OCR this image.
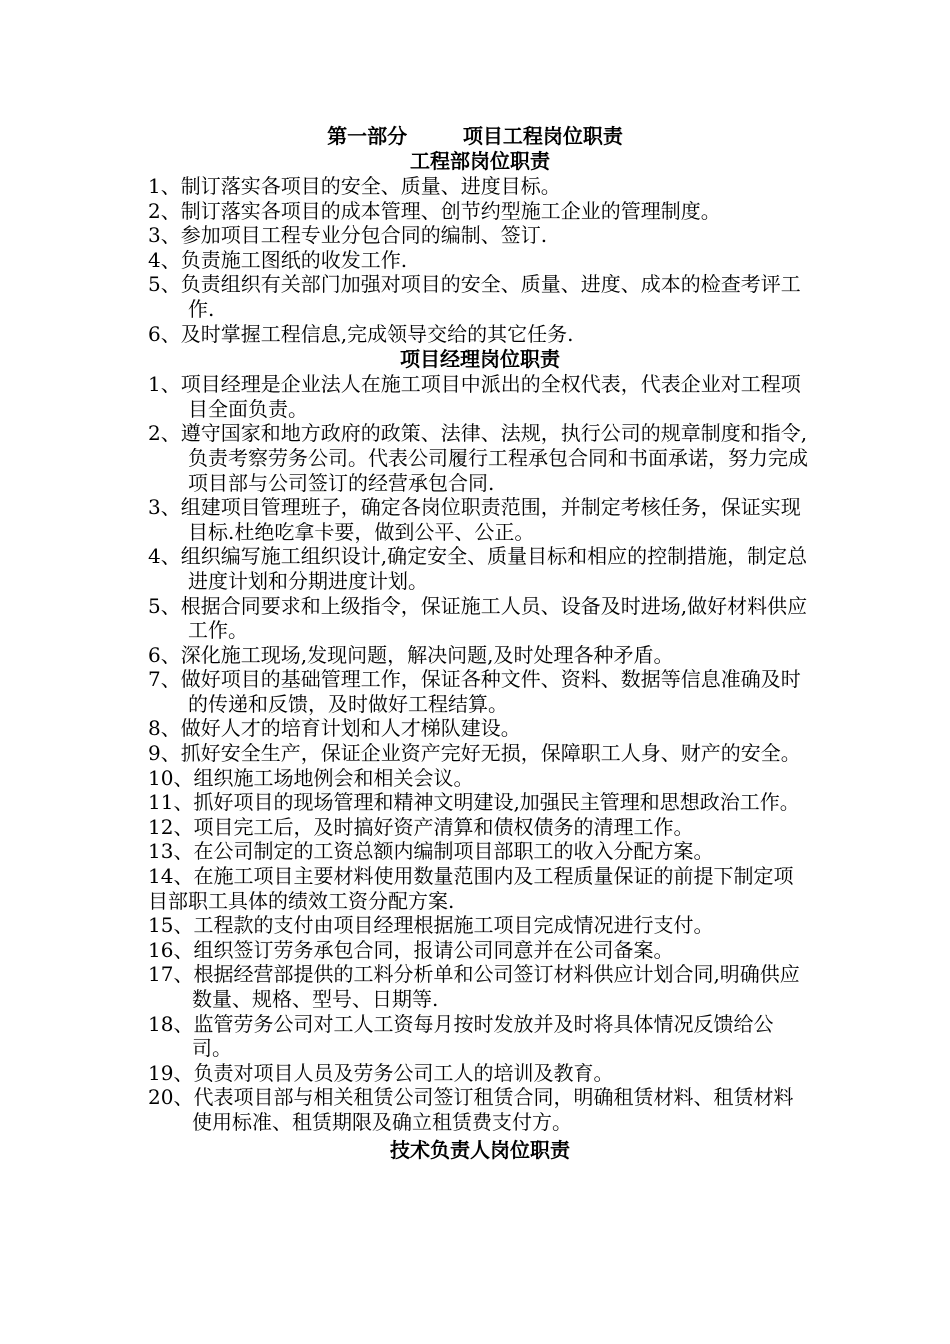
第一部分        项目工程岗位职责

工程部岗位职责

1、制订落实各项目的安全、质量、进度目标。

2、制订落实各项目的成本管理、创节约型施工企业的管理制度。

3、参加项目工程专业分包合同的编制、签订.

4、负责施工图纸的收发工作.

5、负责组织有关部门加强对项目的安全、质量、进度、成本的检查考评工作.

6、及时掌握工程信息,完成领导交给的其它任务.

项目经理岗位职责

1、项目经理是企业法人在施工项目中派出的全权代表，代表企业对工程项目全面负责。

2、遵守国家和地方政府的政策、法律、法规，执行公司的规章制度和指令,负责考察劳务公司。代表公司履行工程承包合同和书面承诺，努力完成项目部与公司签订的经营承包合同.

3、组建项目管理班子，确定各岗位职责范围，并制定考核任务，保证实现目标.杜绝吃拿卡要，做到公平、公正。

4、组织编写施工组织设计,确定安全、质量目标和相应的控制措施，制定总进度计划和分期进度计划。

5、根据合同要求和上级指令，保证施工人员、设备及时进场,做好材料供应工作。

6、深化施工现场,发现问题，解决问题,及时处理各种矛盾。

7、做好项目的基础管理工作，保证各种文件、资料、数据等信息准确及时的传递和反馈，及时做好工程结算。

8、做好人才的培育计划和人才梯队建设。

9、抓好安全生产，保证企业资产完好无损，保障职工人身、财产的安全。

10、组织施工场地例会和相关会议。

11、抓好项目的现场管理和精神文明建设,加强民主管理和思想政治工作。

12、项目完工后，及时搞好资产清算和债权债务的清理工作。

13、在公司制定的工资总额内编制项目部职工的收入分配方案。

14、在施工项目主要材料使用数量范围内及工程质量保证的前提下制定项目部职工具体的绩效工资分配方案.

15、工程款的支付由项目经理根据施工项目完成情况进行支付。

16、组织签订劳务承包合同，报请公司同意并在公司备案。

17、根据经营部提供的工料分析单和公司签订材料供应计划合同,明确供应数量、规格、型号、日期等.

18、监管劳务公司对工人工资每月按时发放并及时将具体情况反馈给公司。

19、负责对项目人员及劳务公司工人的培训及教育。

20、代表项目部与相关租赁公司签订租赁合同，明确租赁材料、租赁材料使用标准、租赁期限及确立租赁费支付方。

技术负责人岗位职责
